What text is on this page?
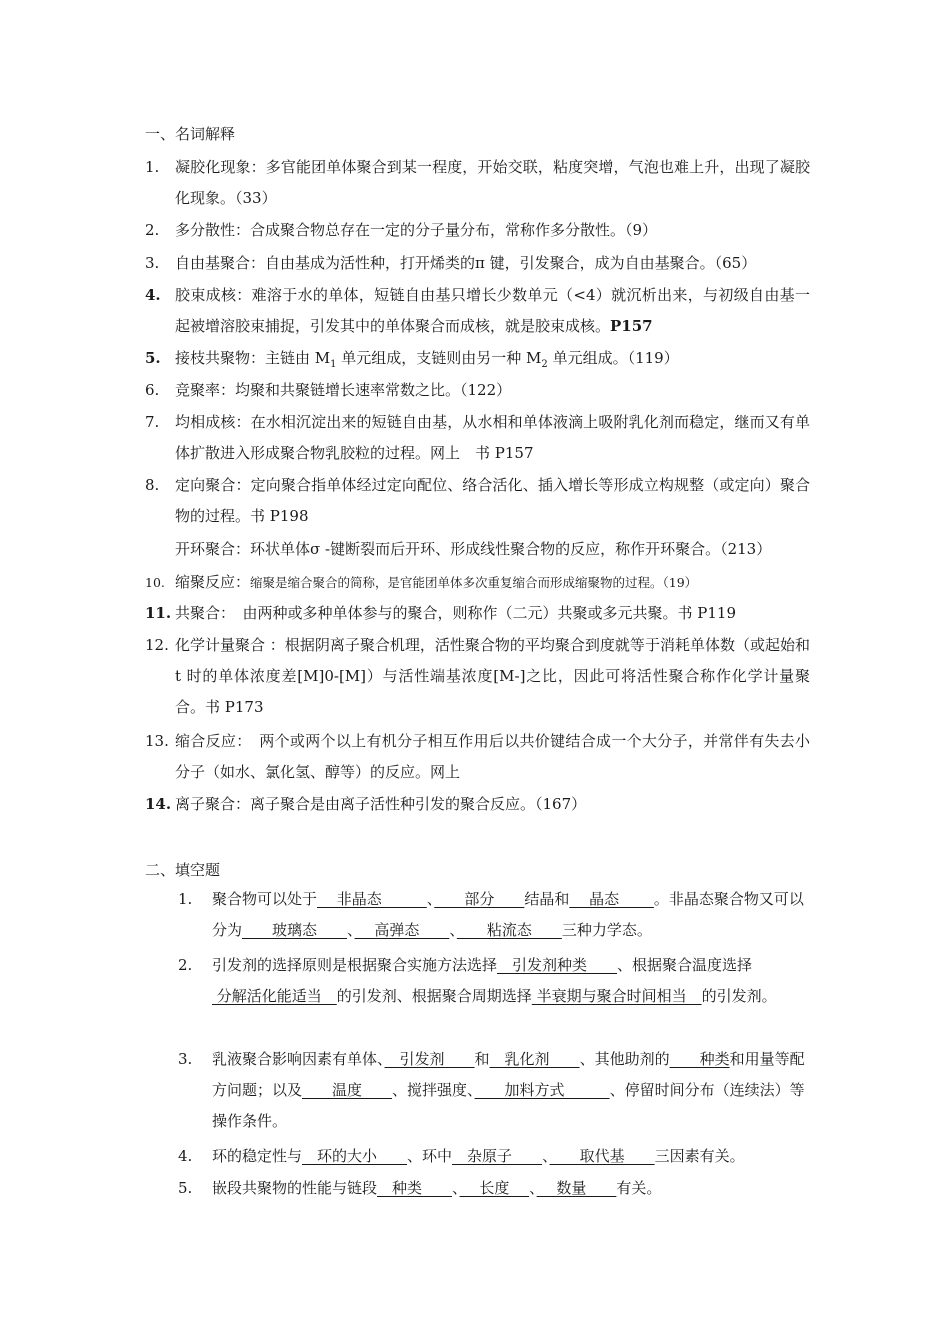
一、名词解释
1.	凝胶化现象：多官能团单体聚合到某一程度，开始交联，粘度突增，气泡也难上升，出现了凝胶化现象。（33）
2.	多分散性：合成聚合物总存在一定的分子量分布，常称作多分散性。（9）
3.	自由基聚合：自由基成为活性种，打开烯类的π 键，引发聚合，成为自由基聚合。（65）
4. 胶束成核：难溶于水的单体，短链自由基只增长少数单元（<4）就沉析出来，与初级自由基一起被增溶胶束捕捉，引发其中的单体聚合而成核，就是胶束成核。P157
5. 接枝共聚物：主链由 $M_1$ 单元组成，支链则由另一种 $M_2$ 单元组成。（119）
6.	竞聚率：均聚和共聚链增长速率常数之比。（122）
7.	均相成核：在水相沉淀出来的短链自由基，从水相和单体液滴上吸附乳化剂而稳定，继而又有单体扩散进入形成聚合物乳胶粒的过程。网上　书 P157
8.	定向聚合：定向聚合指单体经过定向配位、络合活化、插入增长等形成立构规整（或定向）聚合物的过程。书 P198
开环聚合：环状单体σ -键断裂而后开环、形成线性聚合物的反应，称作开环聚合。（213）
10. 缩聚反应：缩聚是缩合聚合的简称，是官能团单体多次重复缩合而形成缩聚物的过程。（19）
11. 共聚合：　由两种或多种单体参与的聚合，则称作（二元）共聚或多元共聚。书 P119
12. 化学计量聚合 ：根据阴离子聚合机理，活性聚合物的平均聚合到度就等于消耗单体数（或起始和 t 时的单体浓度差[M]0-[M]）与活性端基浓度[M-]之比，因此可将活性聚合称作化学计量聚合。书 P173
13. 缩合反应：　两个或两个以上有机分子相互作用后以共价键结合成一个大分子，并常伴有失去小分子（如水、氯化氢、醇等）的反应。网上
14. 离子聚合：离子聚合是由离子活性种引发的聚合反应。（167）
二、填空题
1.	聚合物可以处于　 非晶态　　　、　　部分　　结晶和　 晶态　　 。非晶态聚合物又可以分为　　玻璃态　　、　 高弹态　　、　　粘流态　　三种力学态。
2.	引发剂的选择原则是根据聚合实施方法选择　引发剂种类　　、根据聚合温度选择 分解活化能适当　的引发剂、根据聚合周期选择 半衰期与聚合时间相当　的引发剂。
3.	乳液聚合影响因素有单体、　引发剂　　和　乳化剂　　、其他助剂的　　种类和用量等配方问题；以及　　温度　　、搅拌强度、　　加料方式　　　、停留时间分布（连续法）等操作条件。
4.	环的稳定性与　环的大小　　、环中　杂原子　　、　　取代基　　三因素有关。
5.	嵌段共聚物的性能与链段　种类　　、　 长度　 、　 数量　　有关。
